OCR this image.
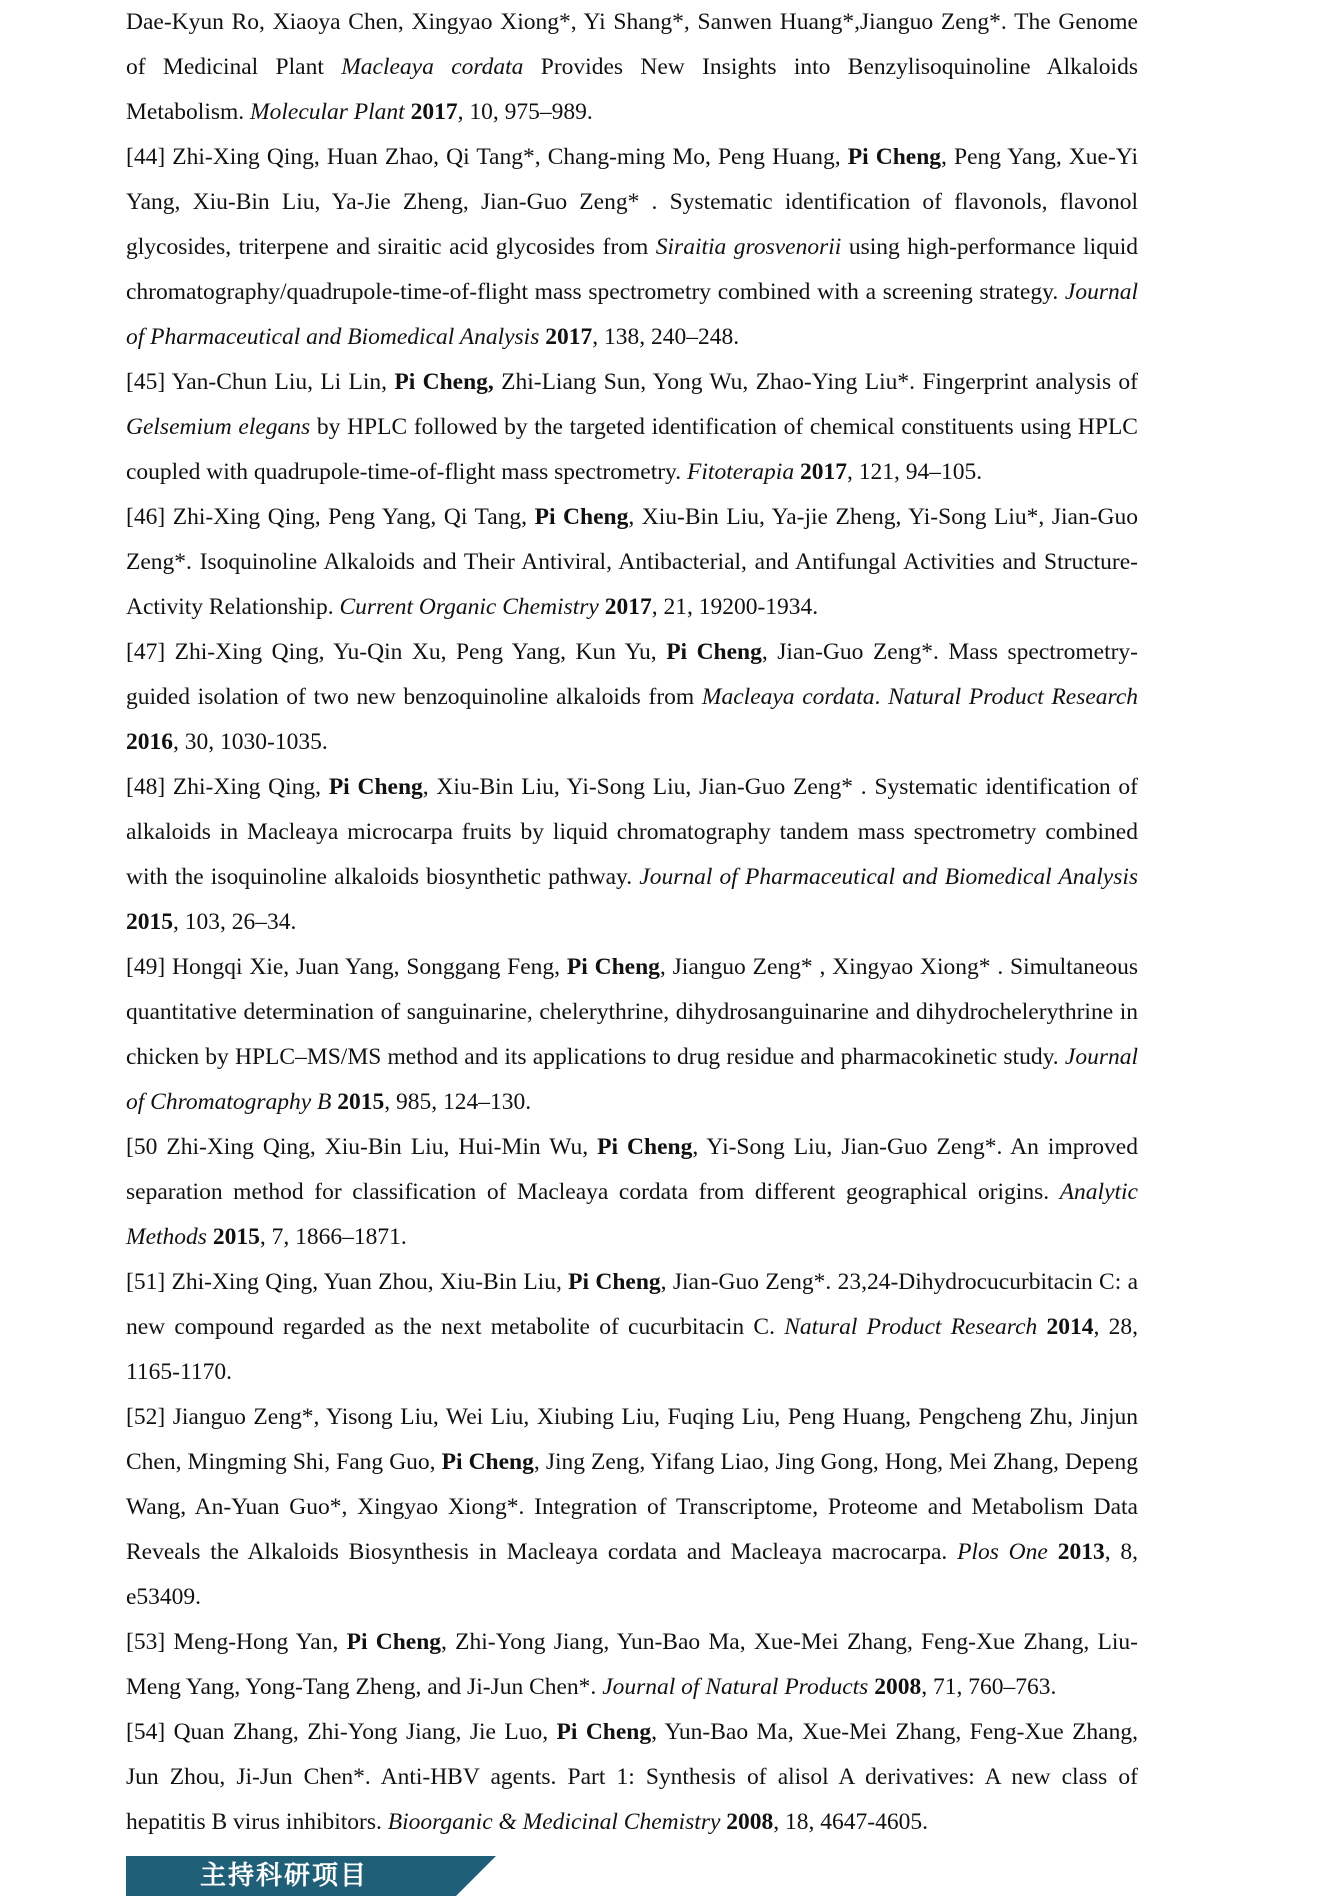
Dae-Kyun Ro, Xiaoya Chen, Xingyao Xiong*, Yi Shang*, Sanwen Huang*,Jianguo Zeng*. The Genome of Medicinal Plant Macleaya cordata Provides New Insights into Benzylisoquinoline Alkaloids Metabolism. Molecular Plant 2017, 10, 975–989.

[44] Zhi-Xing Qing, Huan Zhao, Qi Tang*, Chang-ming Mo, Peng Huang, Pi Cheng, Peng Yang, Xue-Yi Yang, Xiu-Bin Liu, Ya-Jie Zheng, Jian-Guo Zeng* . Systematic identification of flavonols, flavonol glycosides, triterpene and siraitic acid glycosides from Siraitia grosvenorii using high-performance liquid chromatography/quadrupole-time-of-flight mass spectrometry combined with a screening strategy. Journal of Pharmaceutical and Biomedical Analysis 2017, 138, 240–248.

[45] Yan-Chun Liu, Li Lin, Pi Cheng, Zhi-Liang Sun, Yong Wu, Zhao-Ying Liu*. Fingerprint analysis of Gelsemium elegans by HPLC followed by the targeted identification of chemical constituents using HPLC coupled with quadrupole-time-of-flight mass spectrometry. Fitoterapia 2017, 121, 94–105.

[46] Zhi-Xing Qing, Peng Yang, Qi Tang, Pi Cheng, Xiu-Bin Liu, Ya-jie Zheng, Yi-Song Liu*, Jian-Guo Zeng*. Isoquinoline Alkaloids and Their Antiviral, Antibacterial, and Antifungal Activities and Structure-Activity Relationship. Current Organic Chemistry 2017, 21, 19200-1934.

[47] Zhi-Xing Qing, Yu-Qin Xu, Peng Yang, Kun Yu, Pi Cheng, Jian-Guo Zeng*. Mass spectrometry-guided isolation of two new benzoquinoline alkaloids from Macleaya cordata. Natural Product Research 2016, 30, 1030-1035.

[48] Zhi-Xing Qing, Pi Cheng, Xiu-Bin Liu, Yi-Song Liu, Jian-Guo Zeng* . Systematic identification of alkaloids in Macleaya microcarpa fruits by liquid chromatography tandem mass spectrometry combined with the isoquinoline alkaloids biosynthetic pathway. Journal of Pharmaceutical and Biomedical Analysis 2015, 103, 26–34.

[49] Hongqi Xie, Juan Yang, Songgang Feng, Pi Cheng, Jianguo Zeng* , Xingyao Xiong* . Simultaneous quantitative determination of sanguinarine, chelerythrine, dihydrosanguinarine and dihydrochelerythrine in chicken by HPLC–MS/MS method and its applications to drug residue and pharmacokinetic study. Journal of Chromatography B 2015, 985, 124–130.

[50 Zhi-Xing Qing, Xiu-Bin Liu, Hui-Min Wu, Pi Cheng, Yi-Song Liu, Jian-Guo Zeng*. An improved separation method for classification of Macleaya cordata from different geographical origins. Analytic Methods 2015, 7, 1866–1871.

[51] Zhi-Xing Qing, Yuan Zhou, Xiu-Bin Liu, Pi Cheng, Jian-Guo Zeng*. 23,24-Dihydrocucurbitacin C: a new compound regarded as the next metabolite of cucurbitacin C. Natural Product Research 2014, 28, 1165-1170.

[52] Jianguo Zeng*, Yisong Liu, Wei Liu, Xiubing Liu, Fuqing Liu, Peng Huang, Pengcheng Zhu, Jinjun Chen, Mingming Shi, Fang Guo, Pi Cheng, Jing Zeng, Yifang Liao, Jing Gong, Hong, Mei Zhang, Depeng Wang, An-Yuan Guo*, Xingyao Xiong*. Integration of Transcriptome, Proteome and Metabolism Data Reveals the Alkaloids Biosynthesis in Macleaya cordata and Macleaya macrocarpa. Plos One 2013, 8, e53409.

[53] Meng-Hong Yan, Pi Cheng, Zhi-Yong Jiang, Yun-Bao Ma, Xue-Mei Zhang, Feng-Xue Zhang, Liu-Meng Yang, Yong-Tang Zheng, and Ji-Jun Chen*. Journal of Natural Products 2008, 71, 760–763.

[54] Quan Zhang, Zhi-Yong Jiang, Jie Luo, Pi Cheng, Yun-Bao Ma, Xue-Mei Zhang, Feng-Xue Zhang, Jun Zhou, Ji-Jun Chen*. Anti-HBV agents. Part 1: Synthesis of alisol A derivatives: A new class of hepatitis B virus inhibitors. Bioorganic & Medicinal Chemistry 2008, 18, 4647-4605.

主持科研项目
